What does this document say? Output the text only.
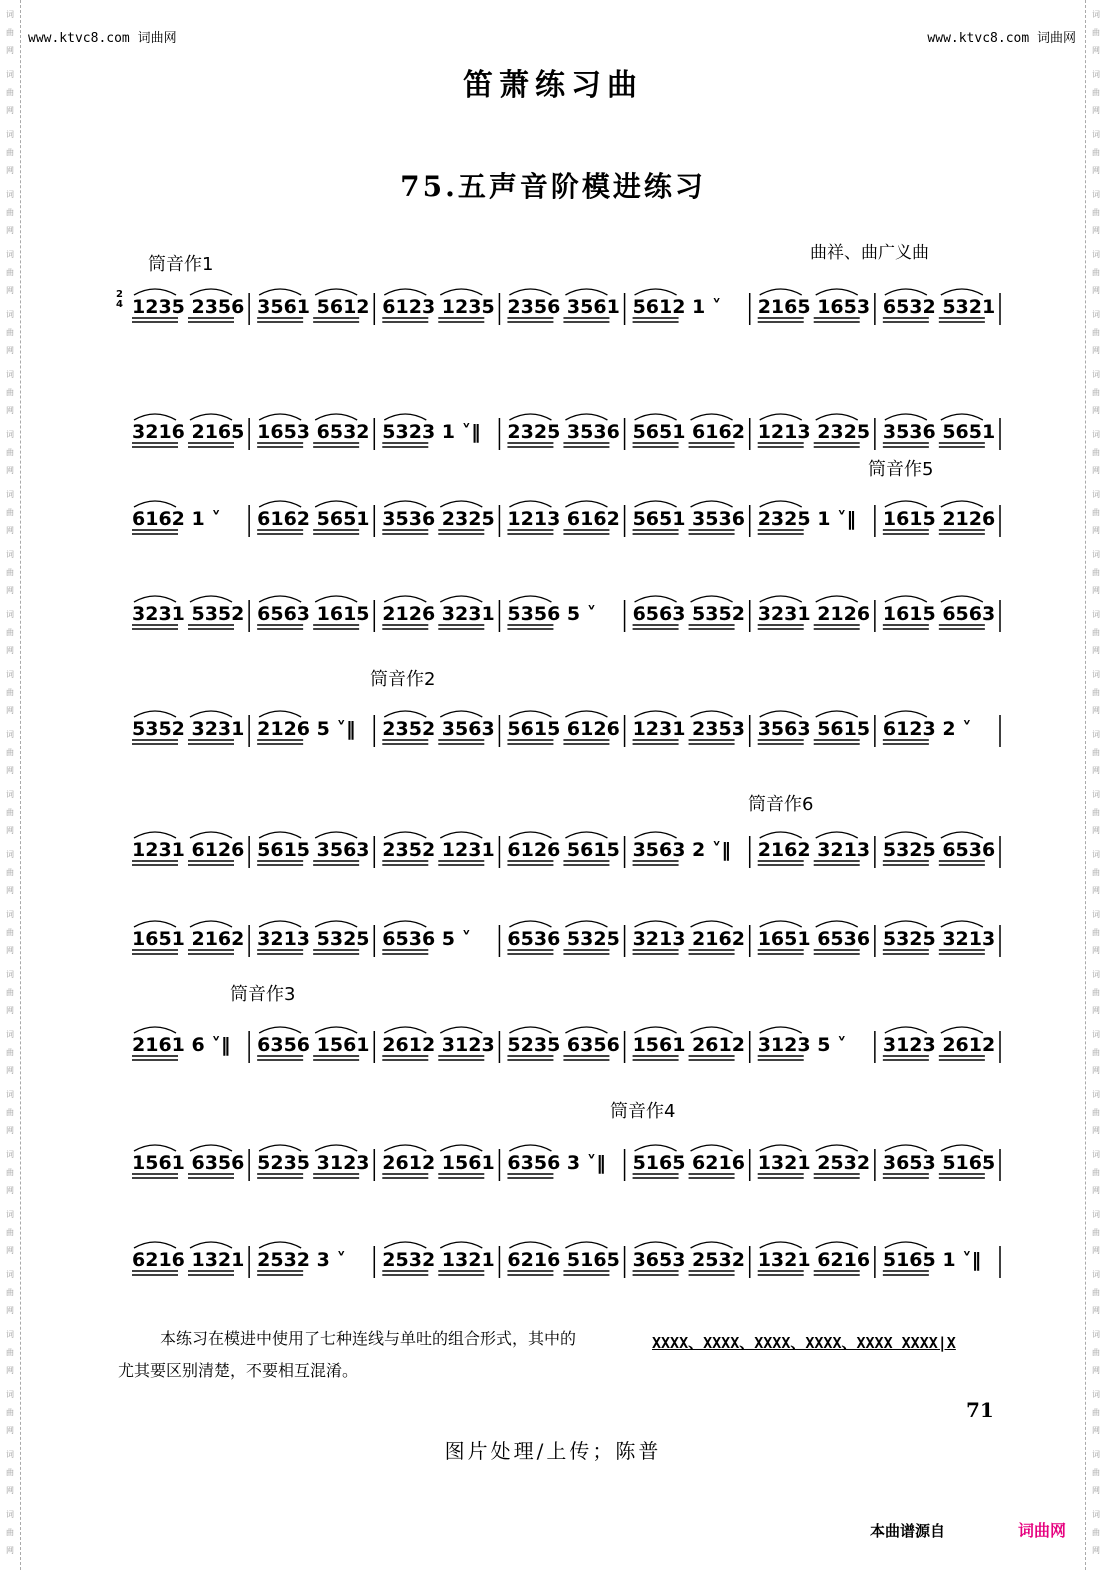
词
曲
网
词
曲
网
词
曲
网
词
曲
网
词
曲
网
词
曲
网
词
曲
网
词
曲
网
词
曲
网
词
曲
网
词
曲
网
词
曲
网
词
曲
网
词
曲
网
词
曲
网
词
曲
网
词
曲
网
词
曲
网
词
曲
网
词
曲
网
词
曲
网
词
曲
网
词
曲
网
词
曲
网
词
曲
网
词
曲
网
词
曲
网
词
曲
网
词
曲
网
词
曲
网
词
曲
网
词
曲
网
词
曲
网
词
曲
网
词
曲
网
词
曲
网
词
曲
网
词
曲
网
词
曲
网
词
曲
网
词
曲
网
词
曲
网
词
曲
网
词
曲
网
词
曲
网
词
曲
网
词
曲
网
词
曲
网
词
曲
网
词
曲
网
词
曲
网
词
曲
网
www.ktvc8.com 词曲网	www.ktvc8.com 词曲网
笛萧练习曲
75.五声音阶模进练习
曲祥、曲广义曲
筒音作1
筒音作5
筒音作2
筒音作6
筒音作3
筒音作4
2
4 1235 2356 3561 5612 6123 1235 2356 3561 5612 1 ˅ 2165 1653 6532 5321
3216 2165 1653 6532 5323 1 ˅‖ 2325 3536 5651 6162 1213 2325 3536 5651
6162 1 ˅ 6162 5651 3536 2325 1213 6162 5651 3536 2325 1 ˅‖ 1615 2126
3231 5352 6563 1615 2126 3231 5356 5 ˅ 6563 5352 3231 2126 1615 6563
5352 3231 2126 5 ˅‖ 2352 3563 5615 6126 1231 2353 3563 5615 6123 2 ˅
1231 6126 5615 3563 2352 1231 6126 5615 3563 2 ˅‖ 2162 3213 5325 6536
1651 2162 3213 5325 6536 5 ˅ 6536 5325 3213 2162 1651 6536 5325 3213
2161 6 ˅‖ 6356 1561 2612 3123 5235 6356 1561 2612 3123 5 ˅ 3123 2612
1561 6356 5235 3123 2612 1561 6356 3 ˅‖ 5165 6216 1321 2532 3653 5165
6216 1321 2532 3 ˅ 2532 1321 6216 5165 3653 2532 1321 6216 5165 1 ˅‖
本练习在模进中使用了七种连线与单吐的组合形式，其中的	XXXX、XXXX、XXXX、XXXX、XXXX XXXX|X
尤其要区别清楚，不要相互混淆。
71
图片处理/上传；陈普
本曲谱源自	词曲网
